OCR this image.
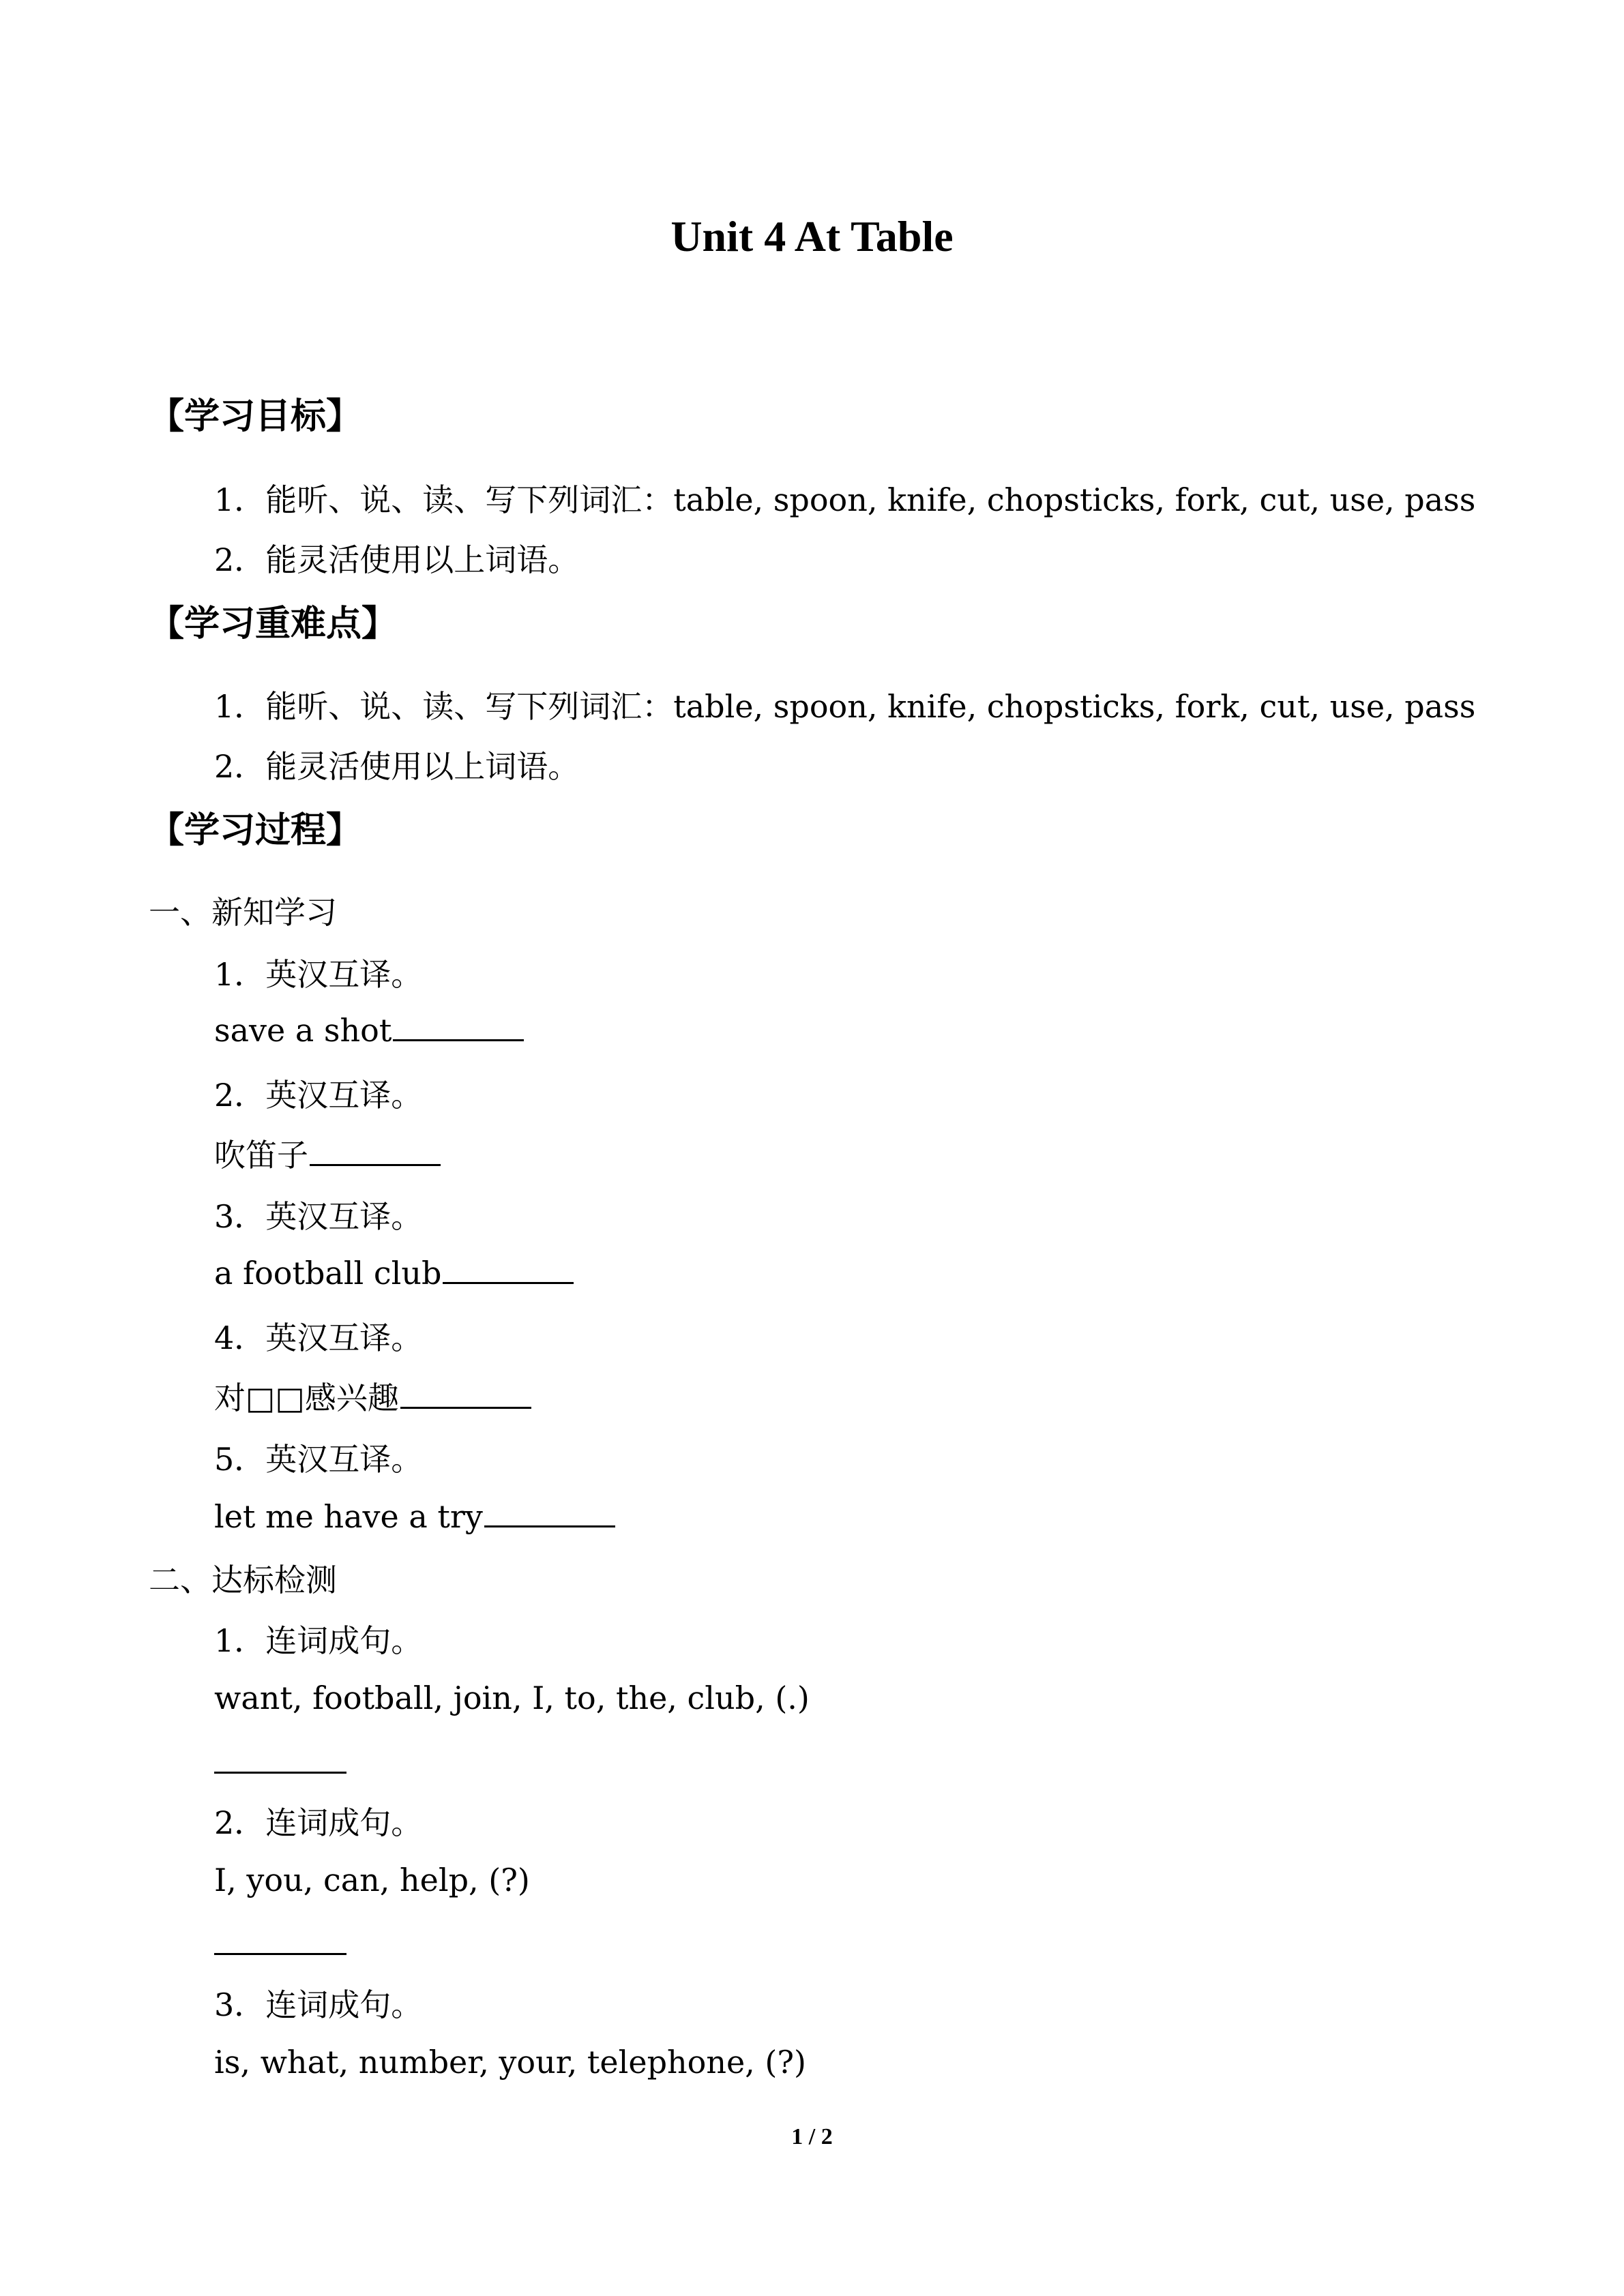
Unit 4 At Table
【学习目标】
1．能听、说、读、写下列词汇：table, spoon, knife, chopsticks, fork, cut, use, pass
2．能灵活使用以上词语。
【学习重难点】
1．能听、说、读、写下列词汇：table, spoon, knife, chopsticks, fork, cut, use, pass
2．能灵活使用以上词语。
【学习过程】
一、新知学习
1．英汉互译。
save a shot
2．英汉互译。
吹笛子
3．英汉互译。
a football club
4．英汉互译。
对□□感兴趣
5．英汉互译。
let me have a try
二、达标检测
1．连词成句。
want, football, join, I, to, the, club, (.)
2．连词成句。
I, you, can, help, (?)
3．连词成句。
is, what, number, your, telephone, (?)
1 / 2
